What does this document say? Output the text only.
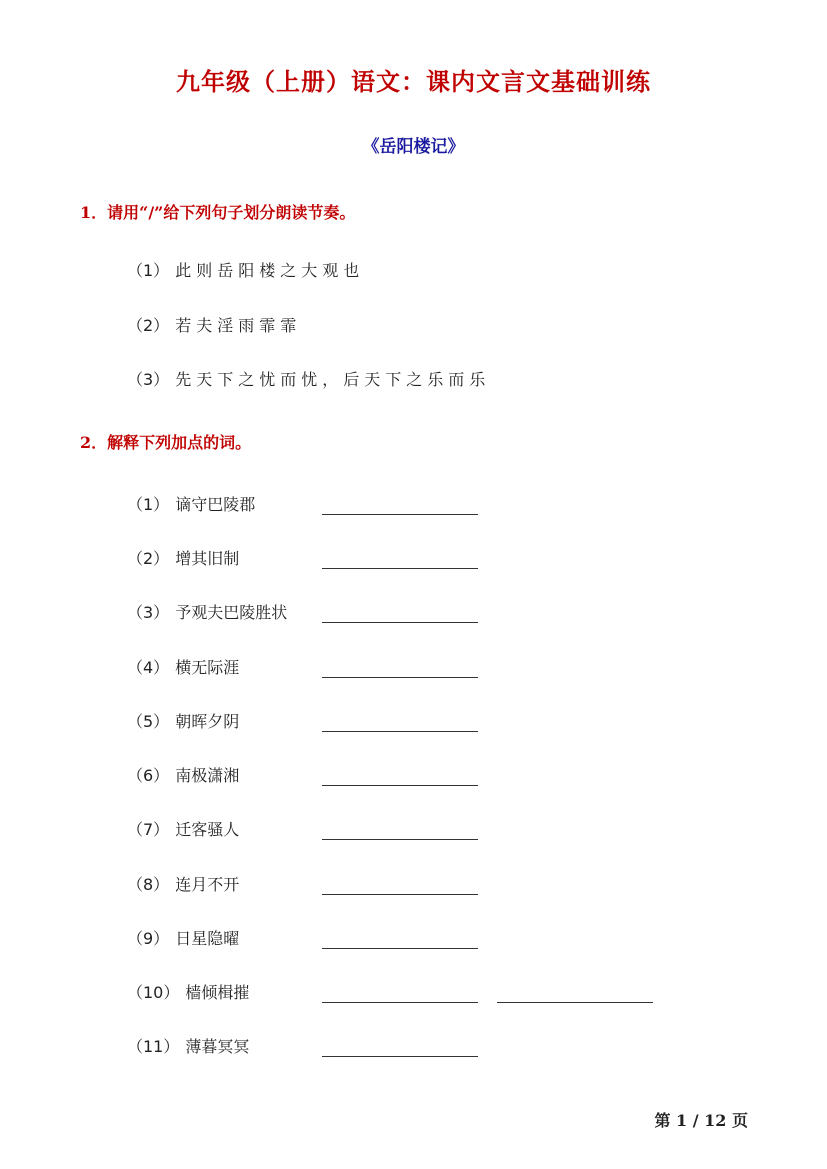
九年级（上册）语文：课内文言文基础训练
《岳阳楼记》
1．请用“/”给下列句子划分朗读节奏。
（1） 此则岳阳楼之大观也
（2） 若夫淫雨霏霏
（3） 先天下之忧而忧，后天下之乐而乐
2．解释下列加点的词。
（1） 谪守巴陵郡
（2） 增其旧制
（3） 予观夫巴陵胜状
（4） 横无际涯
（5） 朝晖夕阴
（6） 南极潇湘
（7） 迁客骚人
（8） 连月不开
（9） 日星隐曜
（10） 樯倾楫摧
（11） 薄暮冥冥
第 1 / 12 页
